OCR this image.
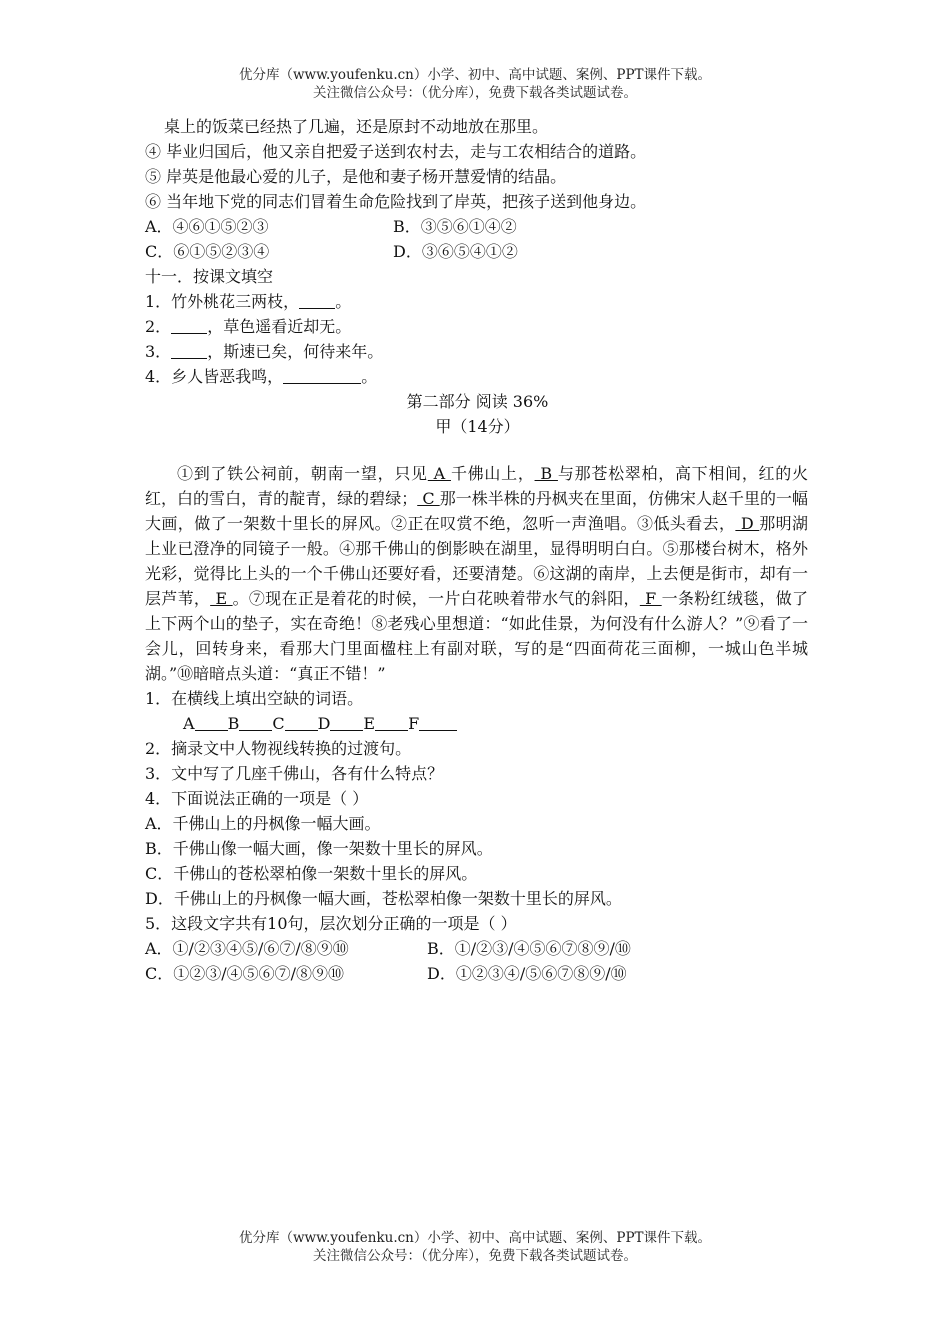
优分库（www.youfenku.cn）小学、初中、高中试题、案例、PPT课件下载。
关注微信公众号：（优分库），免费下载各类试题试卷。
桌上的饭菜已经热了几遍，还是原封不动地放在那里。
④ 毕业归国后，他又亲自把爱子送到农村去，走与工农相结合的道路。
⑤ 岸英是他最心爱的儿子，是他和妻子杨开慧爱情的结晶。
⑥ 当年地下党的同志们冒着生命危险找到了岸英，把孩子送到他身边。
A．④⑥①⑤②③	B．③⑤⑥①④②
C．⑥①⑤②③④	D．③⑥⑤④①②
十一．按课文填空
1．竹外桃花三两枝， 。
2． ，草色遥看近却无。
3． ，斯速已矣，何待来年。
4．乡人皆恶我鸣，	。
第二部分 阅读 36%
甲（14分）
①到了铁公祠前，朝南一望，只见 A 千佛山上， B 与那苍松翠柏，高下相间，红的火红，白的雪白，青的靛青，绿的碧绿； C 那一株半株的丹枫夹在里面，仿佛宋人赵千里的一幅大画，做了一架数十里长的屏风。②正在叹赏不绝，忽听一声渔唱。③低头看去， D 那明湖上业已澄净的同镜子一般。④那千佛山的倒影映在湖里，显得明明白白。⑤那楼台树木，格外光彩，觉得比上头的一个千佛山还要好看，还要清楚。⑥这湖的南岸，上去便是街市，却有一层芦苇， E 。⑦现在正是着花的时候，一片白花映着带水气的斜阳， F 一条粉红绒毯，做了上下两个山的垫子，实在奇绝！⑧老残心里想道：“如此佳景，为何没有什么游人？”⑨看了一会儿，回转身来，看那大门里面楹柱上有副对联，写的是“四面荷花三面柳，一城山色半城湖。”⑩暗暗点头道：“真正不错！”
1．在横线上填出空缺的词语。
A B C D E F
2．摘录文中人物视线转换的过渡句。
3．文中写了几座千佛山，各有什么特点？
4．下面说法正确的一项是（ ）
A．千佛山上的丹枫像一幅大画。
B．千佛山像一幅大画，像一架数十里长的屏风。
C．千佛山的苍松翠柏像一架数十里长的屏风。
D．千佛山上的丹枫像一幅大画，苍松翠柏像一架数十里长的屏风。
5．这段文字共有10句，层次划分正确的一项是（ ）
A．①/②③④⑤/⑥⑦/⑧⑨⑩	B．①/②③/④⑤⑥⑦⑧⑨/⑩
C．①②③/④⑤⑥⑦/⑧⑨⑩	D．①②③④/⑤⑥⑦⑧⑨/⑩
优分库（www.youfenku.cn）小学、初中、高中试题、案例、PPT课件下载。
关注微信公众号：（优分库），免费下载各类试题试卷。
